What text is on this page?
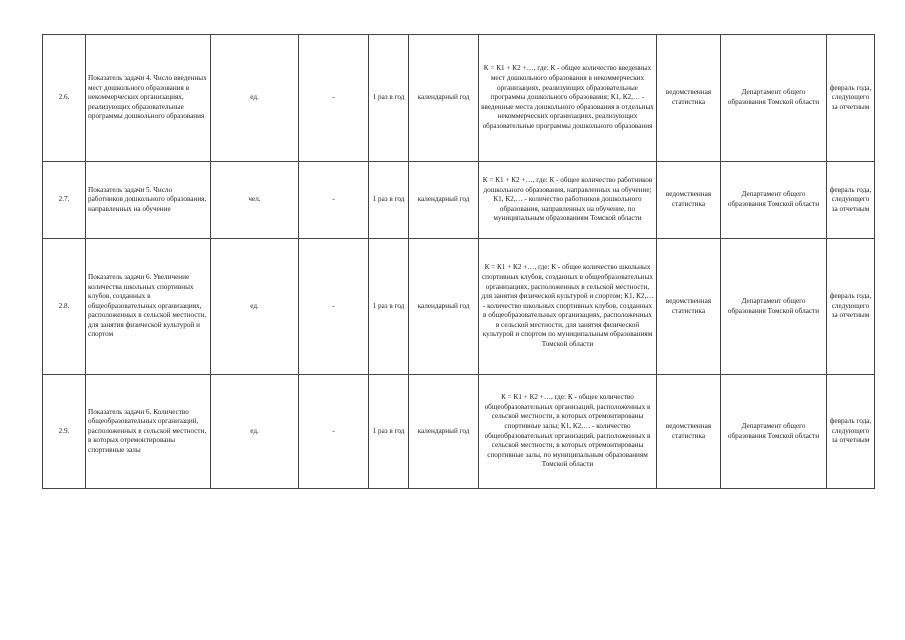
2.6.	Показатель задачи 4. Число введенных мест дошкольного образования в некоммерческих организациях, реализующих образовательные программы дошкольного образования	ед.	-	1 раз в год	календарный год	К = К1 + К2 +…, где: К - общее количество введенных мест дошкольного образования в некоммерческих организациях, реализующих образовательные программы дошкольного образования; К1, К2,… - введенные места дошкольного образования в отдельных некоммерческих организациях, реализующих образовательные программы дошкольного образования	ведомственная статистика	Департамент общего образования Томской области	февраль года, следующего за отчетным
2.7.	Показатель задачи 5. Число работников дошкольного образования, направленных на обучение	чел.	-	1 раз в год	календарный год	К = К1 + К2 +…, где: К - общее количество работников дошкольного образования, направленных на обучение; К1, К2,… - количество работников дошкольного образования, направленных на обучение, по муниципальным образованиям Томской области	ведомственная статистика	Департамент общего образования Томской области	февраль года, следующего за отчетным
2.8.	Показатель задачи 6. Увеличение количества школьных спортивных клубов, созданных в общеобразовательных организациях, расположенных в сельской местности, для занятия физической культурой и спортом	ед.	-	1 раз в год	календарный год	К = К1 + К2 +…, где: К - общее количество школьных спортивных клубов, созданных в общеобразовательных организациях, расположенных в сельской местности, для занятия физической культурой и спортом; К1, К2,… - количество школьных спортивных клубов, созданных в общеобразовательных организациях, расположенных в сельской местности, для занятия физической культурой и спортом по муниципальным образованиям Томской области	ведомственная статистика	Департамент общего образования Томской области	февраль года, следующего за отчетным
2.9.	Показатель задачи 6. Количество общеобразовательных организаций, расположенных в сельской местности, в которых отремонтированы спортивные залы	ед.	-	1 раз в год	календарный год	К = К1 + К2 +…, где: К - общее количество общеобразовательных организаций, расположенных в сельской местности, в которых отремонтированы спортивные залы; К1, К2,… - количество общеобразовательных организаций, расположенных в сельской местности, в которых отремонтированы спортивные залы, по муниципальным образованиям Томской области	ведомственная статистика	Департамент общего образования Томской области	февраль года, следующего за отчетным
